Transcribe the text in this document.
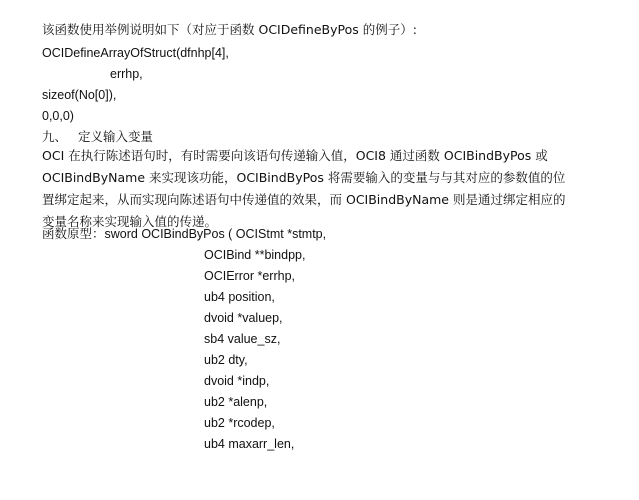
该函数使用举例说明如下（对应于函数 OCIDefineByPos 的例子）:
OCIDefineArrayOfStruct(dfnhp[4],
errhp,
sizeof(No[0]),
0,0,0)
九、 定义输入变量
OCI 在执行陈述语句时，有时需要向该语句传递输入值，OCI8 通过函数 OCIBindByPos 或 OCIBindByName 来实现该功能，OCIBindByPos 将需要输入的变量与与其对应的参数值的位置绑定起来，从而实现向陈述语句中传递值的效果，而 OCIBindByName 则是通过绑定相应的变量名称来实现输入值的传递。
函数原型：sword OCIBindByPos ( OCIStmt *stmtp,
OCIBind **bindpp,
OCIError *errhp,
ub4 position,
dvoid *valuep,
sb4 value_sz,
ub2 dty,
dvoid *indp,
ub2 *alenp,
ub2 *rcodep,
ub4 maxarr_len,
